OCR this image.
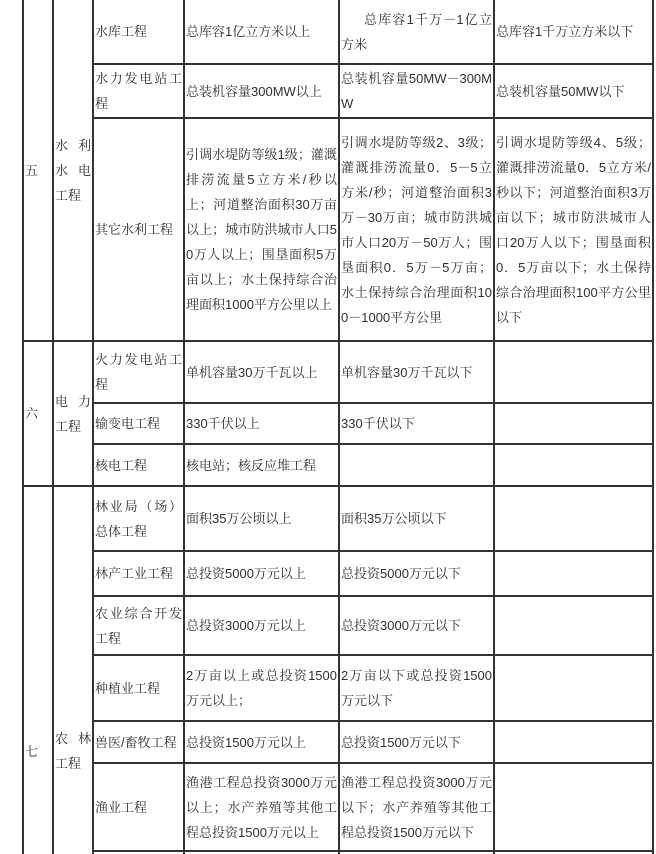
五	水利水电工程	水库工程	总库容1亿立方米以上	总库容1千万－1亿立方米	总库容1千万立方米以下
		水力发电站工程	总装机容量300MW以上	总装机容量50MW－300MW	总装机容量50MW以下
		其它水利工程	引调水堤防等级1级；灌溉排涝流量5立方米/秒以上；河道整治面积30万亩以上；城市防洪城市人口50万人以上；围垦面积5万亩以上；水土保持综合治理面积1000平方公里以上	引调水堤防等级2、3级；灌溉排涝流量0．5－5立方米/秒；河道整治面积3万－30万亩；城市防洪城市人口20万－50万人；围垦面积0．5万－5万亩；水土保持综合治理面积100－1000平方公里	引调水堤防等级4、5级；灌溉排涝流量0．5立方米/秒以下；河道整治面积3万亩以下；城市防洪城市人口20万人以下；围垦面积0．5万亩以下；水土保持综合治理面积100平方公里以下
六	电力工程	火力发电站工程	单机容量30万千瓦以上	单机容量30万千瓦以下	
		输变电工程	330千伏以上	330千伏以下	
		核电工程	核电站；核反应堆工程		
七	农林工程	林业局（场）总体工程	面积35万公顷以上	面积35万公顷以下	
		林产工业工程	总投资5000万元以上	总投资5000万元以下	
		农业综合开发工程	总投资3000万元以上	总投资3000万元以下	
		种植业工程	2万亩以上或总投资1500万元以上；	2万亩以下或总投资1500万元以下	
		兽医/畜牧工程	总投资1500万元以上	总投资1500万元以下	
		渔业工程	渔港工程总投资3000万元以上；水产养殖等其他工程总投资1500万元以上	渔港工程总投资3000万元以下；水产养殖等其他工程总投资1500万元以下	
